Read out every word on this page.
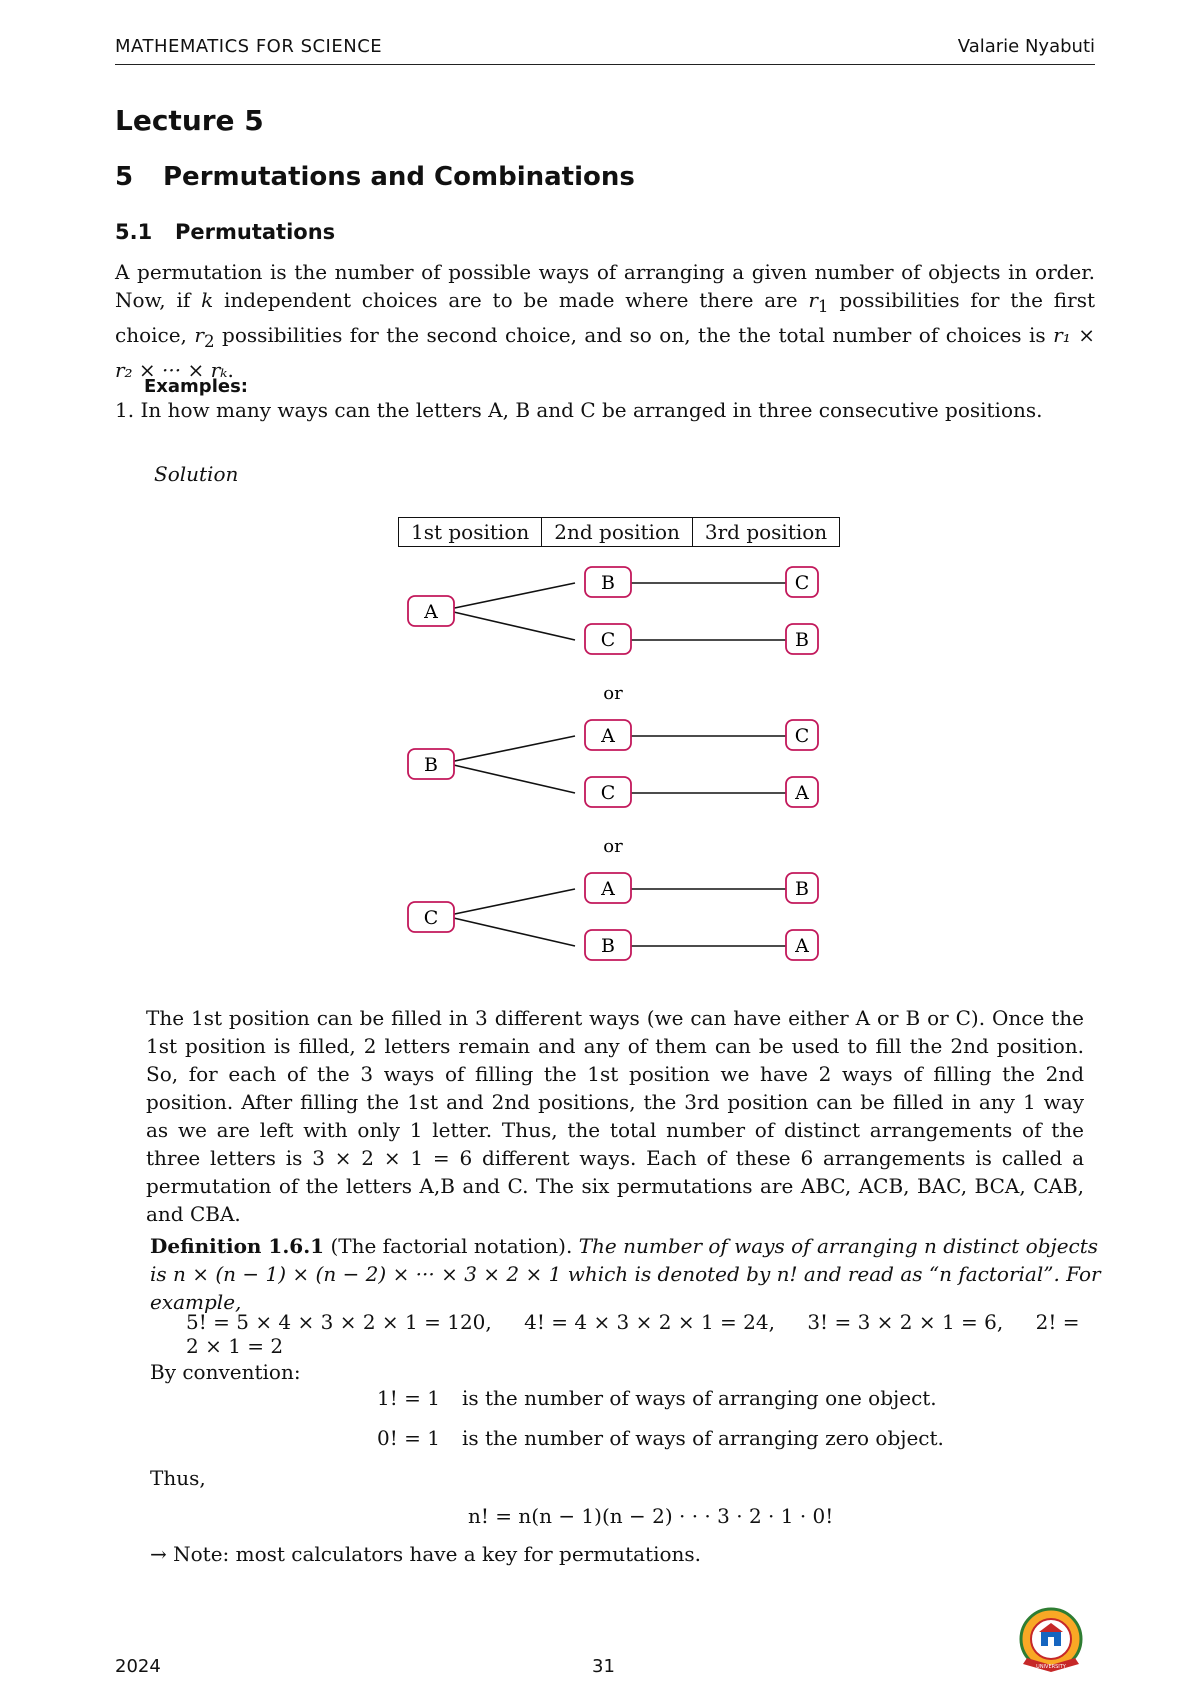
MATHEMATICS FOR SCIENCE	Valarie Nyabuti
Lecture 5
5 Permutations and Combinations
5.1 Permutations
A permutation is the number of possible ways of arranging a given number of objects in order. Now, if k independent choices are to be made where there are $r_1$ possibilities for the first choice, $r_2$ possibilities for the second choice, and so on, the the total number of choices is r₁ × r₂ × ··· × rₖ.
Examples:
1. In how many ways can the letters A, B and C be arranged in three consecutive positions.
Solution
1st position	2nd position	3rd position
A
B
C
C
B
or
B
A
C
C
A
or
C
A
B
B
A
The 1st position can be filled in 3 different ways (we can have either A or B or C). Once the 1st position is filled, 2 letters remain and any of them can be used to fill the 2nd position. So, for each of the 3 ways of filling the 1st position we have 2 ways of filling the 2nd position. After filling the 1st and 2nd positions, the 3rd position can be filled in any 1 way as we are left with only 1 letter. Thus, the total number of distinct arrangements of the three letters is 3 × 2 × 1 = 6 different ways. Each of these 6 arrangements is called a permutation of the letters A,B and C. The six permutations are ABC, ACB, BAC, BCA, CAB, and CBA.
Definition 1.6.1 (The factorial notation). The number of ways of arranging n distinct objects is n × (n − 1) × (n − 2) × ··· × 3 × 2 × 1 which is denoted by n! and read as “n factorial”. For example,
5! = 5 × 4 × 3 × 2 × 1 = 120, 4! = 4 × 3 × 2 × 1 = 24, 3! = 3 × 2 × 1 = 6, 2! = 2 × 1 = 2
By convention:
1! = 1 is the number of ways of arranging one object.
0! = 1 is the number of ways of arranging zero object.
Thus,
n! = n(n − 1)(n − 2) · · · 3 · 2 · 1 · 0!
→ Note: most calculators have a key for permutations.
2024	31	UNIVERSITY
